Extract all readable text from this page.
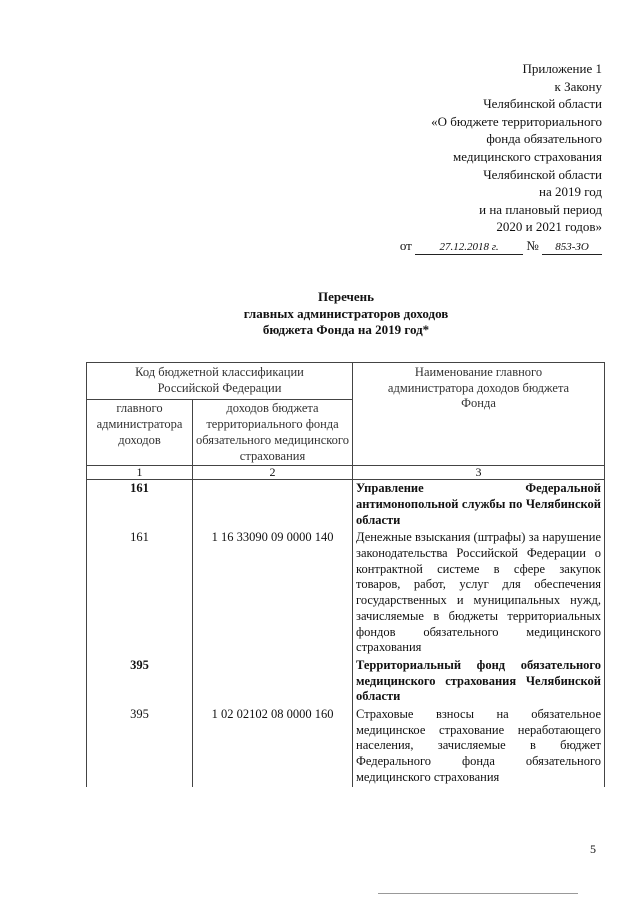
Приложение 1
к Закону
Челябинской области
«О бюджете территориального
фонда обязательного
медицинского страхования
Челябинской области
на 2019 год
и на плановый период
2020 и 2021 годов»
от	27.12.2018 г. № 853-ЗО
Перечень
главных администраторов доходов
бюджета Фонда на 2019 год*
Код бюджетной классификации Российской Федерации		Наименование главного администратора доходов бюджета Фонда
главного администратора доходов	доходов бюджета территориального фонда обязательного медицинского страхования	
1	2	3
161		Управление Федеральной антимонопольной службы по Челябинской области
161	1 16 33090 09 0000 140	Денежные взыскания (штрафы) за нарушение законодательства Российской Федерации о контрактной системе в сфере закупок товаров, работ, услуг для обеспечения государственных и муниципальных нужд, зачисляемые в бюджеты территориальных фондов обязательного медицинского страхования
395		Территориальный фонд обязательного медицинского страхования Челябинской области
395	1 02 02102 08 0000 160	Страховые взносы на обязательное медицинское страхование неработающего населения, зачисляемые в бюджет Федерального фонда обязательного медицинского страхования
5
